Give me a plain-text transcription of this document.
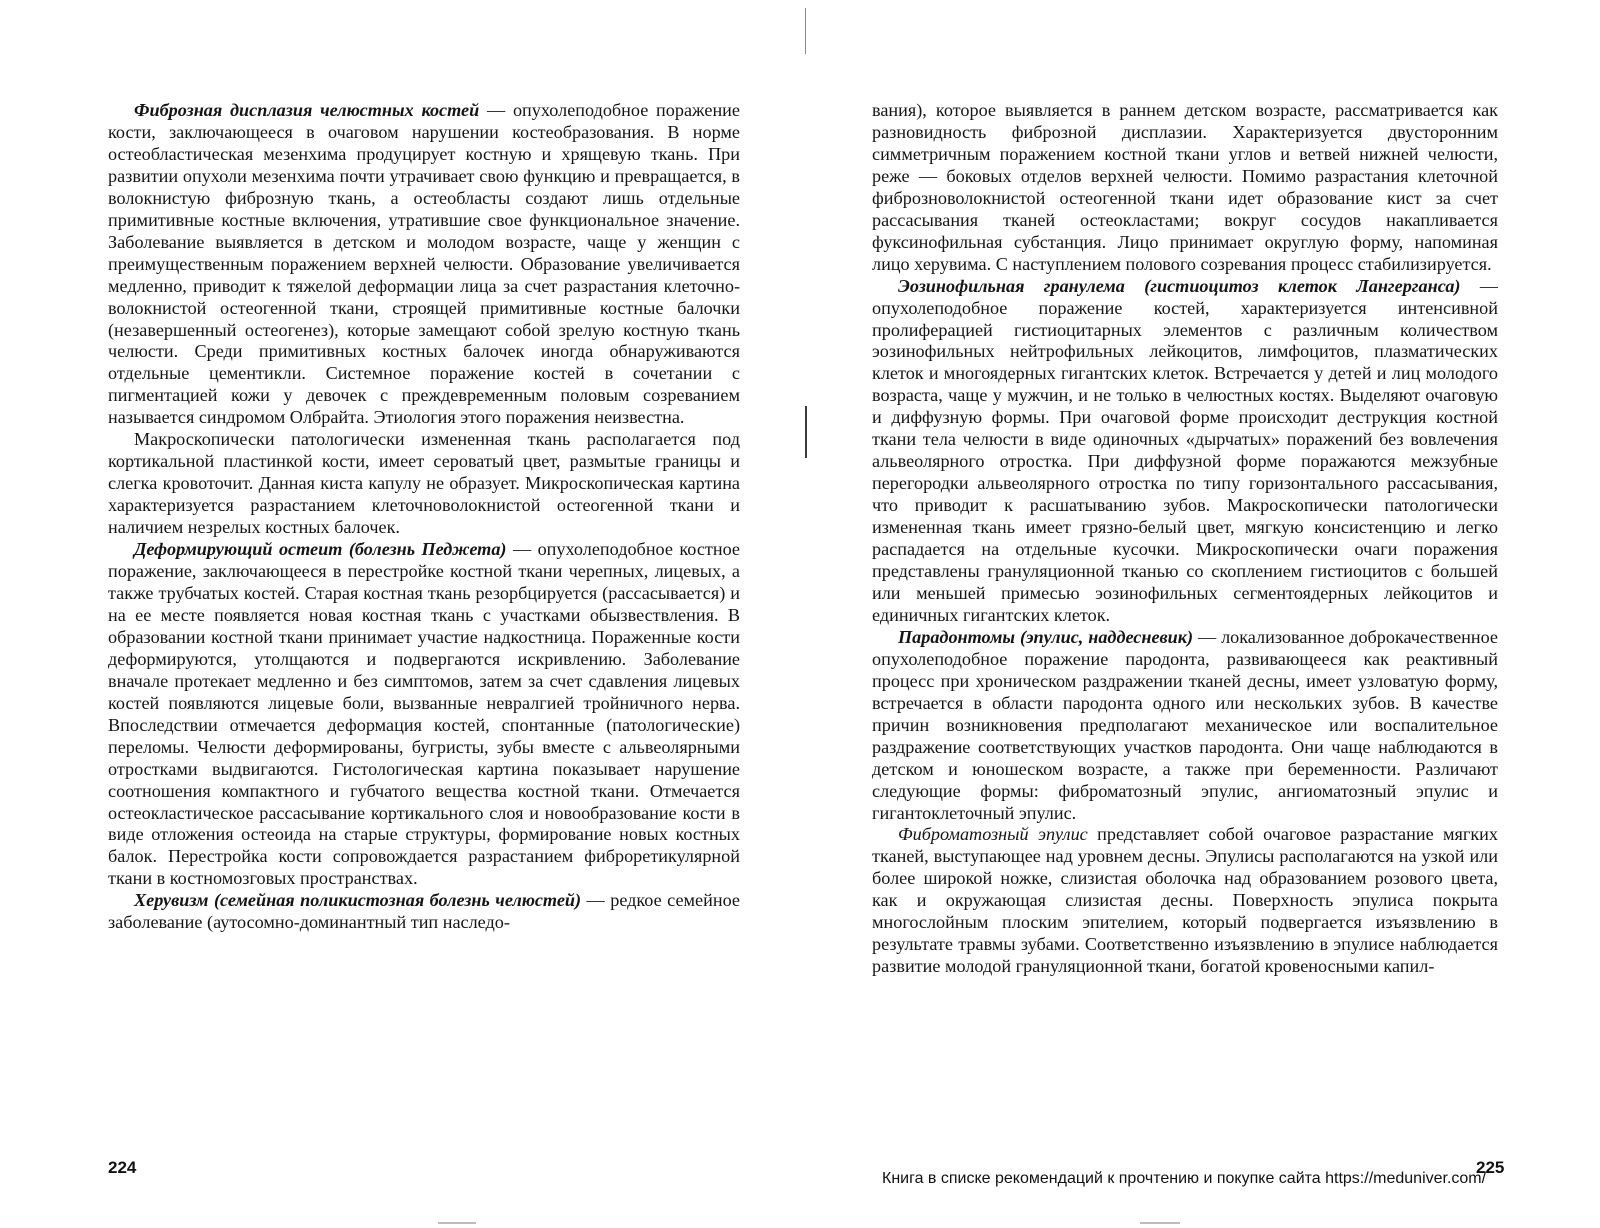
Фиброзная дисплазия челюстных костей — опухолеподобное поражение кости, заключающееся в очаговом нарушении костеобразования. В норме остеобластическая мезенхима продуцирует костную и хрящевую ткань. При развитии опухоли мезенхима почти утрачивает свою функцию и превращается, в волокнистую фиброзную ткань, а остеобласты создают лишь отдельные примитивные костные включения, утратившие свое функциональное значение. Заболевание выявляется в детском и молодом возрасте, чаще у женщин с преимущественным поражением верхней челюсти. Образование увеличивается медленно, приводит к тяжелой деформации лица за счет разрастания клеточно-волокнистой остеогенной ткани, строящей примитивные костные балочки (незавершенный остеогенез), которые замещают собой зрелую костную ткань челюсти. Среди примитивных костных балочек иногда обнаруживаются отдельные цементикли. Системное поражение костей в сочетании с пигментацией кожи у девочек с преждевременным половым созреванием называется синдромом Олбрайта. Этиология этого поражения неизвестна.

Макроскопически патологически измененная ткань располагается под кортикальной пластинкой кости, имеет сероватый цвет, размытые границы и слегка кровоточит. Данная киста капулу не образует. Микроскопическая картина характеризуется разрастанием клеточноволокнистой остеогенной ткани и наличием незрелых костных балочек.

Деформирующий остеит (болезнь Педжета) — опухолеподобное костное поражение, заключающееся в перестройке костной ткани черепных, лицевых, а также трубчатых костей. Старая костная ткань резорбцируется (рассасывается) и на ее месте появляется новая костная ткань с участками обызвествления. В образовании костной ткани принимает участие надкостница. Пораженные кости деформируются, утолщаются и подвергаются искривлению. Заболевание вначале протекает медленно и без симптомов, затем за счет сдавления лицевых костей появляются лицевые боли, вызванные невралгией тройничного нерва. Впоследствии отмечается деформация костей, спонтанные (патологические) переломы. Челюсти деформированы, бугристы, зубы вместе с альвеолярными отростками выдвигаются. Гистологическая картина показывает нарушение соотношения компактного и губчатого вещества костной ткани. Отмечается остеокластическое рассасывание кортикального слоя и новообразование кости в виде отложения остеоида на старые структуры, формирование новых костных балок. Перестройка кости сопровождается разрастанием фиброретикулярной ткани в костномозговых пространствах.

Херувизм (семейная поликистозная болезнь челюстей) — редкое семейное заболевание (аутосомно-доминантный тип наследо-

224

вания), которое выявляется в раннем детском возрасте, рассматривается как разновидность фиброзной дисплазии. Характеризуется двусторонним симметричным поражением костной ткани углов и ветвей нижней челюсти, реже — боковых отделов верхней челюсти. Помимо разрастания клеточной фиброзноволокнистой остеогенной ткани идет образование кист за счет рассасывания тканей остеокластами; вокруг сосудов накапливается фуксинофильная субстанция. Лицо принимает округлую форму, напоминая лицо херувима. С наступлением полового созревания процесс стабилизируется.

Эозинофильная гранулема (гистиоцитоз клеток Лангерганса) — опухолеподобное поражение костей, характеризуется интенсивной пролиферацией гистиоцитарных элементов с различным количеством эозинофильных нейтрофильных лейкоцитов, лимфоцитов, плазматических клеток и многоядерных гигантских клеток. Встречается у детей и лиц молодого возраста, чаще у мужчин, и не только в челюстных костях. Выделяют очаговую и диффузную формы. При очаговой форме происходит деструкция костной ткани тела челюсти в виде одиночных «дырчатых» поражений без вовлечения альвеолярного отростка. При диффузной форме поражаются межзубные перегородки альвеолярного отростка по типу горизонтального рассасывания, что приводит к расшатыванию зубов. Макроскопически патологически измененная ткань имеет грязно-белый цвет, мягкую консистенцию и легко распадается на отдельные кусочки. Микроскопически очаги поражения представлены грануляционной тканью со скоплением гистиоцитов с большей или меньшей примесью эозинофильных сегментоядерных лейкоцитов и единичных гигантских клеток.

Парадонтомы (эпулис, наддесневик) — локализованное доброкачественное опухолеподобное поражение пародонта, развивающееся как реактивный процесс при хроническом раздражении тканей десны, имеет узловатую форму, встречается в области пародонта одного или нескольких зубов. В качестве причин возникновения предполагают механическое или воспалительное раздражение соответствующих участков пародонта. Они чаще наблюдаются в детском и юношеском возрасте, а также при беременности. Различают следующие формы: фиброматозный эпулис, ангиоматозный эпулис и гигантоклеточный эпулис.

Фиброматозный эпулис представляет собой очаговое разрастание мягких тканей, выступающее над уровнем десны. Эпулисы располагаются на узкой или более широкой ножке, слизистая оболочка над образованием розового цвета, как и окружающая слизистая десны. Поверхность эпулиса покрыта многослойным плоским эпителием, который подвергается изъязвлению в результате травмы зубами. Соответственно изъязвлению в эпулисе наблюдается развитие молодой грануляционной ткани, богатой кровеносными капил-

225
Книга в списке рекомендаций к прочтению и покупке сайта https://meduniver.com/
